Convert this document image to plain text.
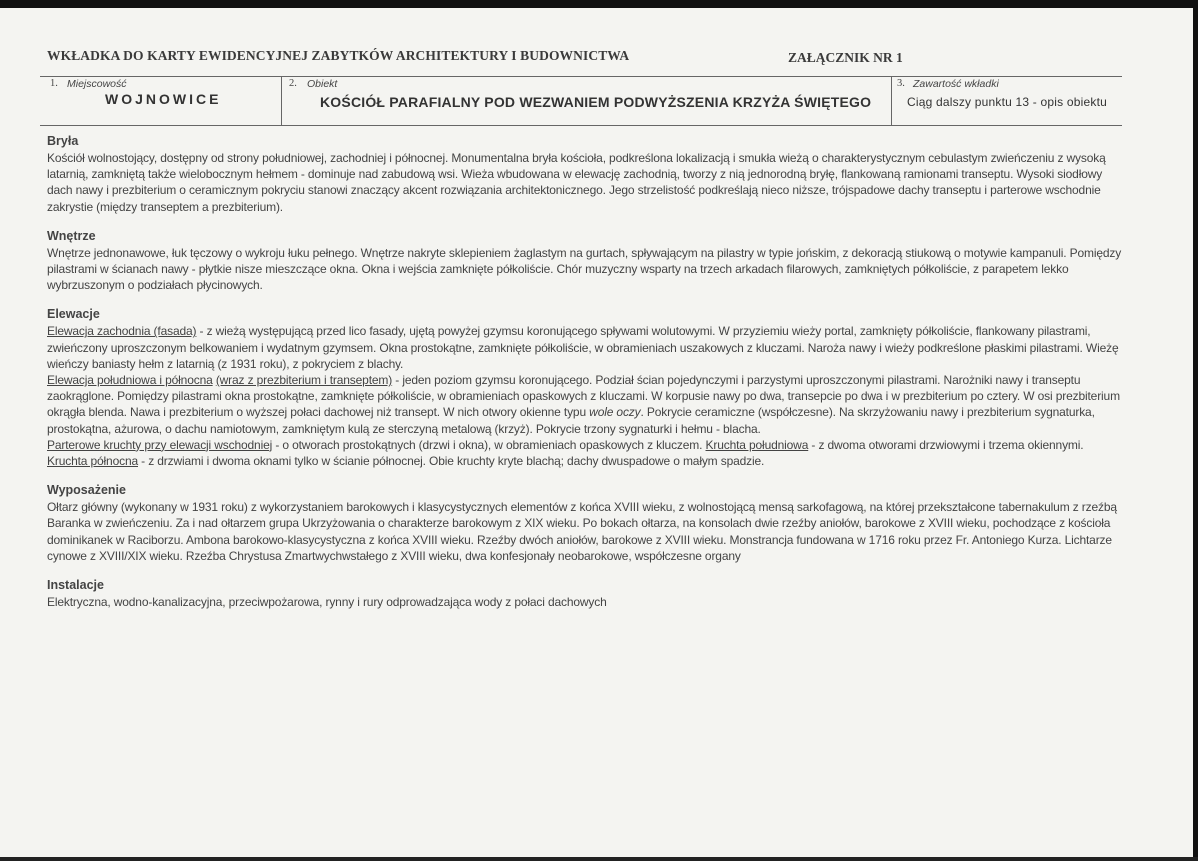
WKŁADKA DO KARTY EWIDENCYJNEJ ZABYTKÓW ARCHITEKTURY I BUDOWNICTWA	ZAŁĄCZNIK NR 1
1. Miejscowość
WOJNOWICE
2. Obiekt
KOŚCIÓŁ PARAFIALNY POD WEZWANIEM PODWYŻSZENIA KRZYŻA ŚWIĘTEGO
3. Zawartość wkładki
Ciąg dalszy punktu 13 - opis obiektu
Bryła

Kościół wolnostojący, dostępny od strony południowej, zachodniej i północnej. Monumentalna bryła kościoła, podkreślona lokalizacją i smukła wieżą o charakterystycznym cebulastym zwieńczeniu z wysoką latarnią, zamkniętą także wielobocznym hełmem - dominuje nad zabudową wsi. Wieża wbudowana w elewację zachodnią, tworzy z nią jednorodną bryłę, flankowaną ramionami transeptu. Wysoki siodłowy dach nawy i prezbiterium o ceramicznym pokryciu stanowi znaczący akcent rozwiązania architektonicznego. Jego strzelistość podkreślają nieco niższe, trójspadowe dachy transeptu i parterowe wschodnie zakrystie (między transeptem a prezbiterium).

Wnętrze

Wnętrze jednonawowe, łuk tęczowy o wykroju łuku pełnego. Wnętrze nakryte sklepieniem żaglastym na gurtach, spływającym na pilastry w typie jońskim, z dekoracją stiukową o motywie kampanuli. Pomiędzy pilastrami w ścianach nawy - płytkie nisze mieszczące okna. Okna i wejścia zamknięte półkoliście. Chór muzyczny wsparty na trzech arkadach filarowych, zamkniętych półkoliście, z parapetem lekko wybrzuszonym o podziałach płycinowych.

Elewacje

Elewacja zachodnia (fasada) - z wieżą występującą przed lico fasady, ujętą powyżej gzymsu koronującego spływami wolutowymi. W przyziemiu wieży portal, zamknięty półkoliście, flankowany pilastrami, zwieńczony uproszczonym belkowaniem i wydatnym gzymsem. Okna prostokątne, zamknięte półkoliście, w obramieniach uszakowych z kluczami. Naroża nawy i wieży podkreślone płaskimi pilastrami. Wieżę wieńczy baniasty hełm z latarnią (z 1931 roku), z pokryciem z blachy.

Elewacja południowa i północna (wraz z prezbiterium i transeptem) - jeden poziom gzymsu koronującego. Podział ścian pojedynczymi i parzystymi uproszczonymi pilastrami. Narożniki nawy i transeptu zaokrąglone. Pomiędzy pilastrami okna prostokątne, zamknięte półkoliście, w obramieniach opaskowych z kluczami. W korpusie nawy po dwa, transepcie po dwa i w prezbiterium po cztery. W osi prezbiterium okrągła blenda. Nawa i prezbiterium o wyższej połaci dachowej niż transept. W nich otwory okienne typu wole oczy. Pokrycie ceramiczne (współczesne). Na skrzyżowaniu nawy i prezbiterium sygnaturka, prostokątna, ażurowa, o dachu namiotowym, zamkniętym kulą ze sterczyną metalową (krzyż). Pokrycie trzony sygnaturki i hełmu - blacha.

Parterowe kruchty przy elewacji wschodniej - o otworach prostokątnych (drzwi i okna), w obramieniach opaskowych z kluczem. Kruchta południowa - z dwoma otworami drzwiowymi i trzema okiennymi. Kruchta północna - z drzwiami i dwoma oknami tylko w ścianie północnej. Obie kruchty kryte blachą; dachy dwuspadowe o małym spadzie.

Wyposażenie

Ołtarz główny (wykonany w 1931 roku) z wykorzystaniem barokowych i klasycystycznych elementów z końca XVIII wieku, z wolnostojącą mensą sarkofagową, na której przekształcone tabernakulum z rzeźbą Baranka w zwieńczeniu. Za i nad ołtarzem grupa Ukrzyżowania o charakterze barokowym z XIX wieku. Po bokach ołtarza, na konsolach dwie rzeźby aniołów, barokowe z XVIII wieku, pochodzące z kościoła dominikanek w Raciborzu. Ambona barokowo-klasycystyczna z końca XVIII wieku. Rzeźby dwóch aniołów, barokowe z XVIII wieku. Monstrancja fundowana w 1716 roku przez Fr. Antoniego Kurza. Lichtarze cynowe z XVIII/XIX wieku. Rzeźba Chrystusa Zmartwychwstałego z XVIII wieku, dwa konfesjonały neobarokowe, współczesne organy

Instalacje

Elektryczna, wodno-kanalizacyjna, przeciwpożarowa, rynny i rury odprowadzająca wody z połaci dachowych
